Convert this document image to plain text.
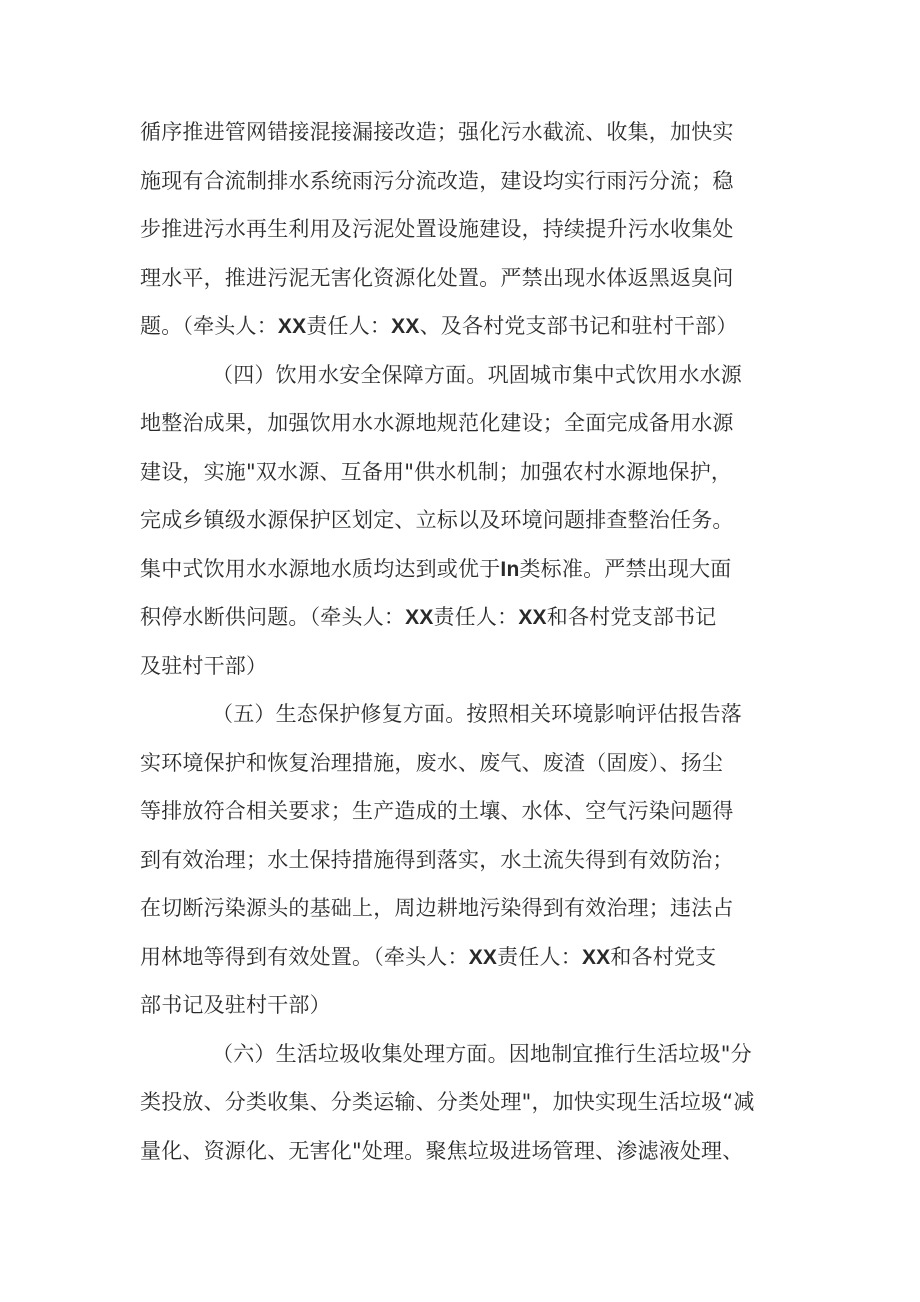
循序推进管网错接混接漏接改造；强化污水截流、收集，加快实
施现有合流制排水系统雨污分流改造，建设均实行雨污分流；稳
步推进污水再生利用及污泥处置设施建设，持续提升污水收集处
理水平，推进污泥无害化资源化处置。严禁出现水体返黑返臭问
题。（牵头人：XX责任人：XX、及各村党支部书记和驻村干部）
（四）饮用水安全保障方面。巩固城市集中式饮用水水源
地整治成果，加强饮用水水源地规范化建设；全面完成备用水源
建设，实施"双水源、互备用"供水机制；加强农村水源地保护，
完成乡镇级水源保护区划定、立标以及环境问题排查整治任务。
集中式饮用水水源地水质均达到或优于In类标准。严禁出现大面
积停水断供问题。（牵头人：XX责任人：XX和各村党支部书记
及驻村干部）
（五）生态保护修复方面。按照相关环境影响评估报告落
实环境保护和恢复治理措施，废水、废气、废渣（固废）、扬尘
等排放符合相关要求；生产造成的土壤、水体、空气污染问题得
到有效治理；水土保持措施得到落实，水土流失得到有效防治；
在切断污染源头的基础上，周边耕地污染得到有效治理；违法占
用林地等得到有效处置。（牵头人：XX责任人：XX和各村党支
部书记及驻村干部）
（六）生活垃圾收集处理方面。因地制宜推行生活垃圾"分
类投放、分类收集、分类运输、分类处理"，加快实现生活垃圾“减
量化、资源化、无害化"处理。聚焦垃圾进场管理、渗滤液处理、
